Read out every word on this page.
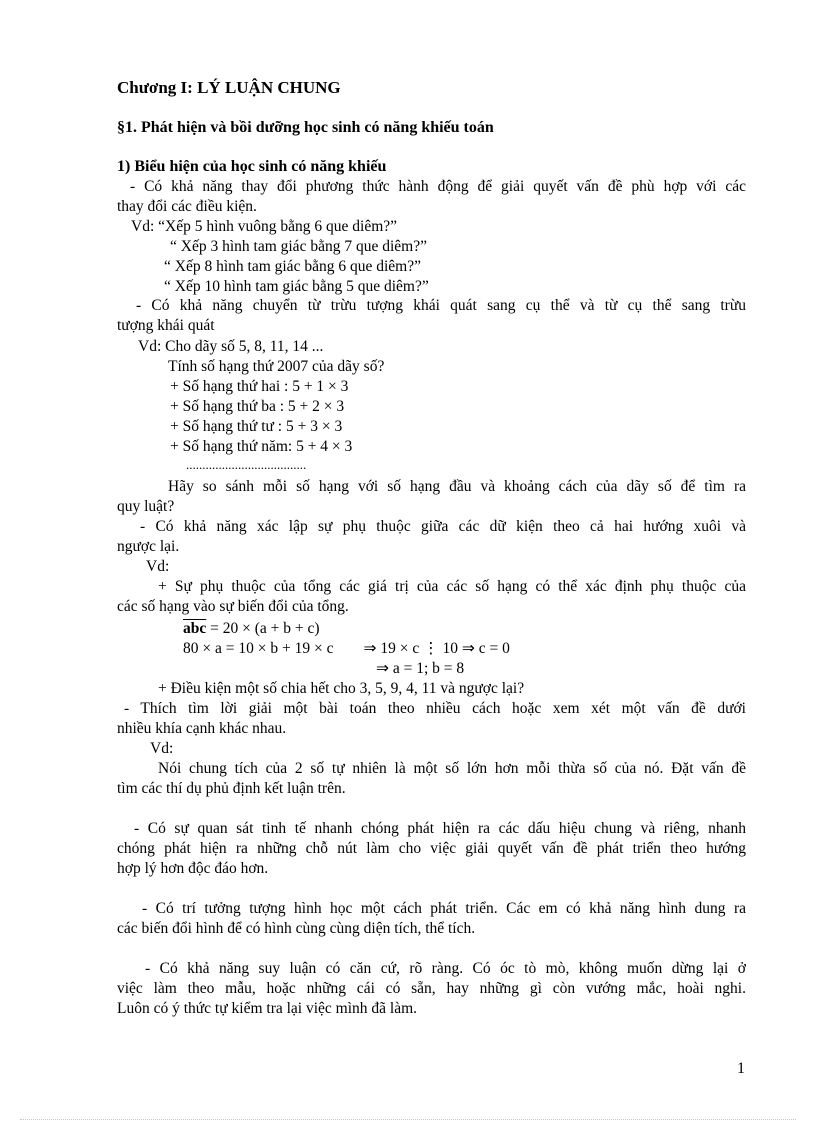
Chương I: LÝ LUẬN CHUNG
§1. Phát hiện và bồi dưỡng học sinh có năng khiếu toán
1) Biểu hiện của học sinh có năng khiếu
- Có khả năng thay đổi phương thức hành động để giải quyết vấn đề phù hợp với các
thay đổi các điều kiện.
Vd: “Xếp 5 hình vuông bằng 6 que diêm?”
“ Xếp 3 hình tam giác bằng 7 que diêm?”
“ Xếp 8 hình tam giác bằng 6 que diêm?”
“ Xếp 10 hình tam giác bằng 5 que diêm?”
- Có khả năng chuyển từ trừu tượng khái quát sang cụ thể và từ cụ thể sang trừu
tượng khái quát
Vd: Cho dãy số 5, 8, 11, 14 ...
Tính số hạng thứ 2007 của dãy số?
+ Số hạng thứ hai : 5 + 1 × 3
+ Số hạng thứ ba : 5 + 2 × 3
+ Số hạng thứ tư : 5 + 3 × 3
+ Số hạng thứ năm: 5 + 4 × 3
.....................................
Hãy so sánh mỗi số hạng với số hạng đầu và khoảng cách của dãy số để tìm ra
quy luật?
- Có khả năng xác lập sự phụ thuộc giữa các dữ kiện theo cả hai hướng xuôi và
ngược lại.
Vd:
+ Sự phụ thuộc của tổng các giá trị của các số hạng có thể xác định phụ thuộc của
các số hạng vào sự biến đổi của tổng.
$\overline{abc} = 20 \times (a + b + c)$
80 × a = 10 × b + 19 × c ⇒ 19 × c ⋮ 10 ⇒ c = 0
⇒ a = 1; b = 8
+ Điều kiện một số chia hết cho 3, 5, 9, 4, 11 và ngược lại?
- Thích tìm lời giải một bài toán theo nhiều cách hoặc xem xét một vấn đề dưới
nhiều khía cạnh khác nhau.
Vd:
Nói chung tích của 2 số tự nhiên là một số lớn hơn mỗi thừa số của nó. Đặt vấn đề
tìm các thí dụ phủ định kết luận trên.
- Có sự quan sát tinh tế nhanh chóng phát hiện ra các dấu hiệu chung và riêng, nhanh
chóng phát hiện ra những chỗ nút làm cho việc giải quyết vấn đề phát triển theo hướng
hợp lý hơn độc đáo hơn.
- Có trí tưởng tượng hình học một cách phát triển. Các em có khả năng hình dung ra
các biến đổi hình để có hình cùng cùng diện tích, thể tích.
- Có khả năng suy luận có căn cứ, rõ ràng. Có óc tò mò, không muốn dừng lại ở
việc làm theo mẫu, hoặc những cái có sẵn, hay những gì còn vướng mắc, hoài nghi.
Luôn có ý thức tự kiểm tra lại việc mình đã làm.
1
